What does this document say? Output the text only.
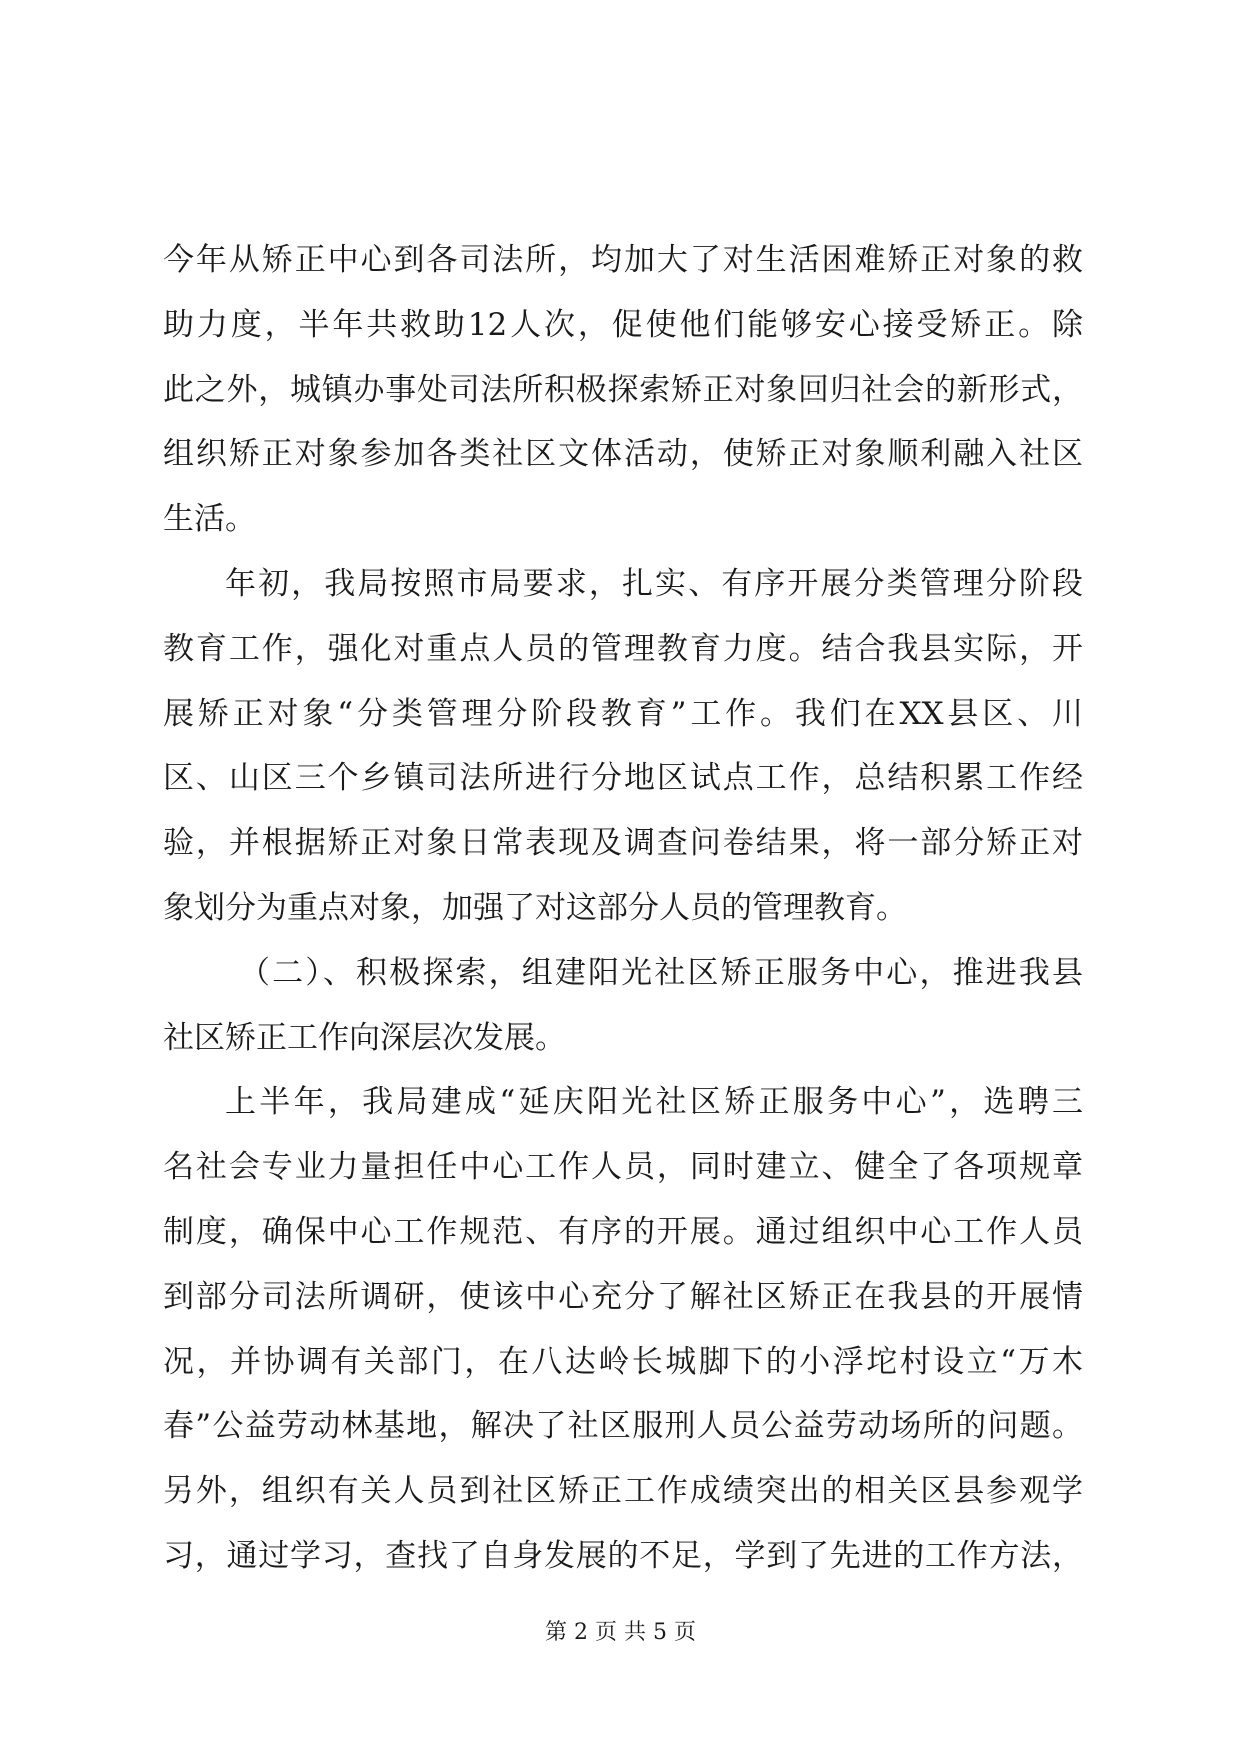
今年从矫正中心到各司法所，均加大了对生活困难矫正对象的救
助力度，半年共救助12人次，促使他们能够安心接受矫正。除
此之外，城镇办事处司法所积极探索矫正对象回归社会的新形式，
组织矫正对象参加各类社区文体活动，使矫正对象顺利融入社区
生活。
年初，我局按照市局要求，扎实、有序开展分类管理分阶段
教育工作，强化对重点人员的管理教育力度。结合我县实际，开
展矫正对象“分类管理分阶段教育”工作。我们在XX县区、川
区、山区三个乡镇司法所进行分地区试点工作，总结积累工作经
验，并根据矫正对象日常表现及调查问卷结果，将一部分矫正对
象划分为重点对象，加强了对这部分人员的管理教育。
（二）、积极探索，组建阳光社区矫正服务中心，推进我县
社区矫正工作向深层次发展。
上半年，我局建成“延庆阳光社区矫正服务中心”，选聘三
名社会专业力量担任中心工作人员，同时建立、健全了各项规章
制度，确保中心工作规范、有序的开展。通过组织中心工作人员
到部分司法所调研，使该中心充分了解社区矫正在我县的开展情
况，并协调有关部门，在八达岭长城脚下的小浮坨村设立“万木
春”公益劳动林基地，解决了社区服刑人员公益劳动场所的问题。
另外，组织有关人员到社区矫正工作成绩突出的相关区县参观学
习，通过学习，查找了自身发展的不足，学到了先进的工作方法，
第 2 页 共 5 页
